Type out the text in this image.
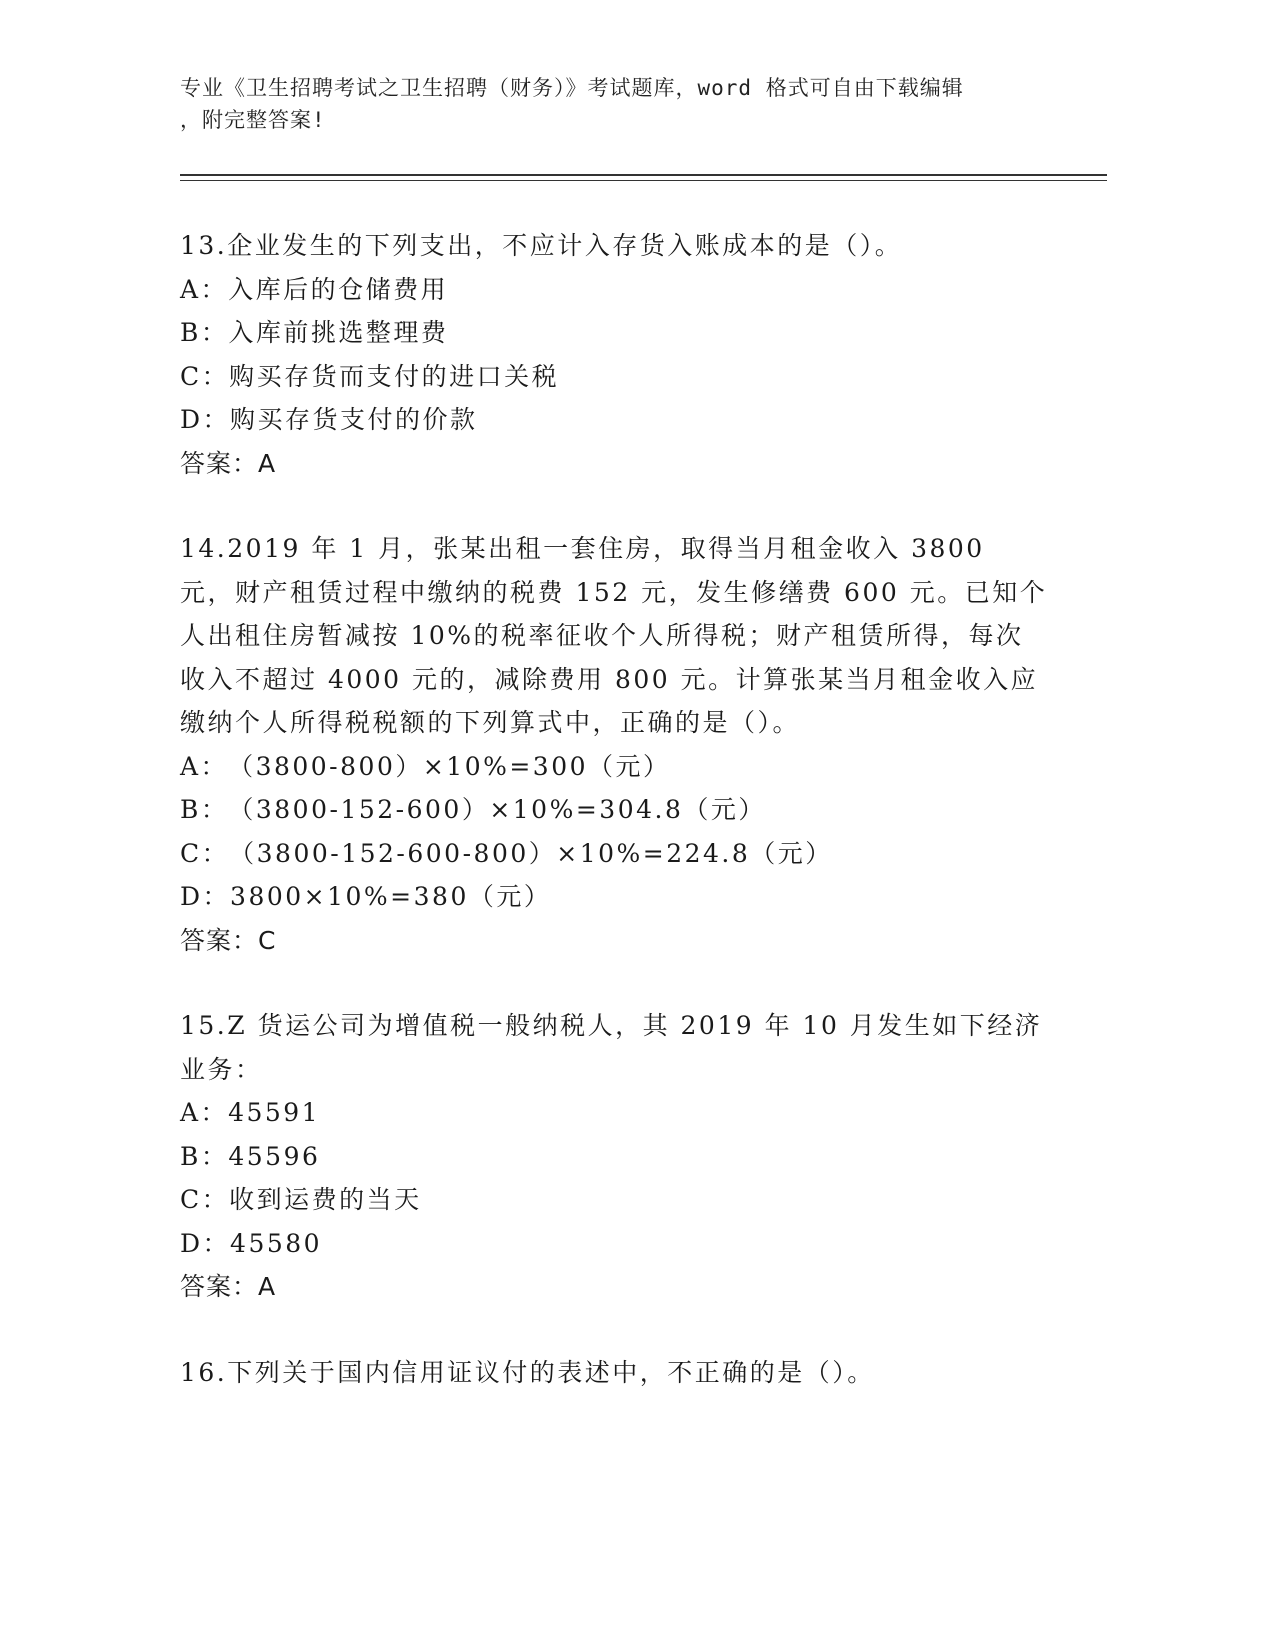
专业《卫生招聘考试之卫生招聘（财务）》考试题库，word 格式可自由下载编辑
，附完整答案!

13.企业发生的下列支出，不应计入存货入账成本的是（）。

A： 入库后的仓储费用
B： 入库前挑选整理费
C： 购买存货而支付的进口关税
D： 购买存货支付的价款

答案：A

14.2019 年 1 月，张某出租一套住房，取得当月租金收入 3800 元，财产租赁过程中缴纳的税费 152 元，发生修缮费 600 元。已知个人出租住房暂减按 10%的税率征收个人所得税；财产租赁所得，每次收入不超过 4000 元的，减除费用 800 元。计算张某当月租金收入应缴纳个人所得税税额的下列算式中，正确的是（）。

A： （3800-800）×10%=300（元）
B： （3800-152-600）×10%=304.8（元）
C： （3800-152-600-800）×10%=224.8（元）
D： 3800×10%=380（元）

答案：C

15.Z 货运公司为增值税一般纳税人，其 2019 年 10 月发生如下经济业务：

A： 45591
B： 45596
C： 收到运费的当天
D： 45580

答案：A

16.下列关于国内信用证议付的表述中，不正确的是（）。
